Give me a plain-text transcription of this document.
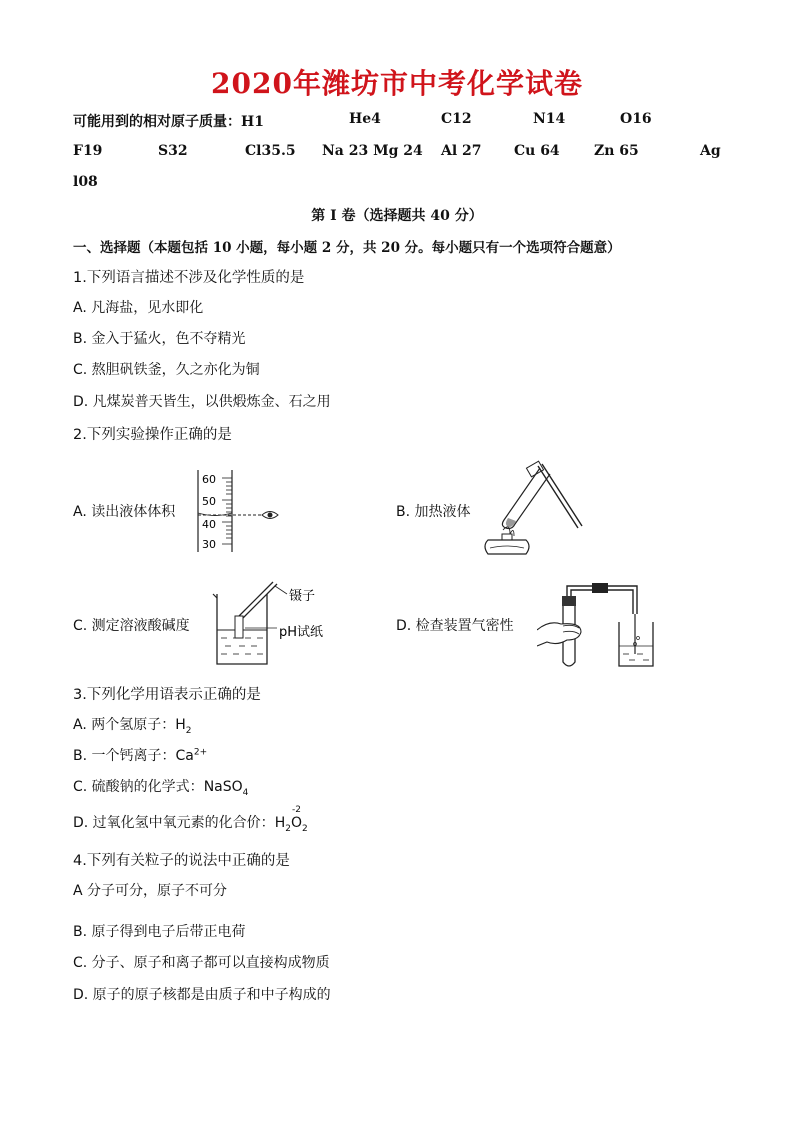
2020年潍坊市中考化学试卷
可能用到的相对原子质量：H1	He4	C12	N14	O16
F19	S32	Cl35.5 Na 23 Mg 24 Al 27 Cu 64 Zn 65	Ag
l08
第 I 卷（选择题共 40 分）
一、选择题（本题包括 10 小题，每小题 2 分，共 20 分。每小题只有一个选项符合题意）
1.下列语言描述不涉及化学性质的是
A. 凡海盐，见水即化
B. 金入于猛火，色不夺精光
C. 熬胆矾铁釜，久之亦化为铜
D. 凡煤炭普天皆生，以供煅炼金、石之用
2.下列实验操作正确的是
A. 读出液体体积	B. 加热液体
C. 测定溶液酸碱度	D. 检查装置气密性
60
50
40
30
镊子
pH试纸
3.下列化学用语表示正确的是
A. 两个氢原子：$H_2$
B. 一个钙离子：$Ca^{2+}$
C. 硫酸钠的化学式：NaSO$_4$
D. 过氧化氢中氧元素的化合价：$H_2$
-2
$O_2$
4.下列有关粒子的说法中正确的是
A 分子可分，原子不可分
B. 原子得到电子后带正电荷
C. 分子、原子和离子都可以直接构成物质
D. 原子的原子核都是由质子和中子构成的
